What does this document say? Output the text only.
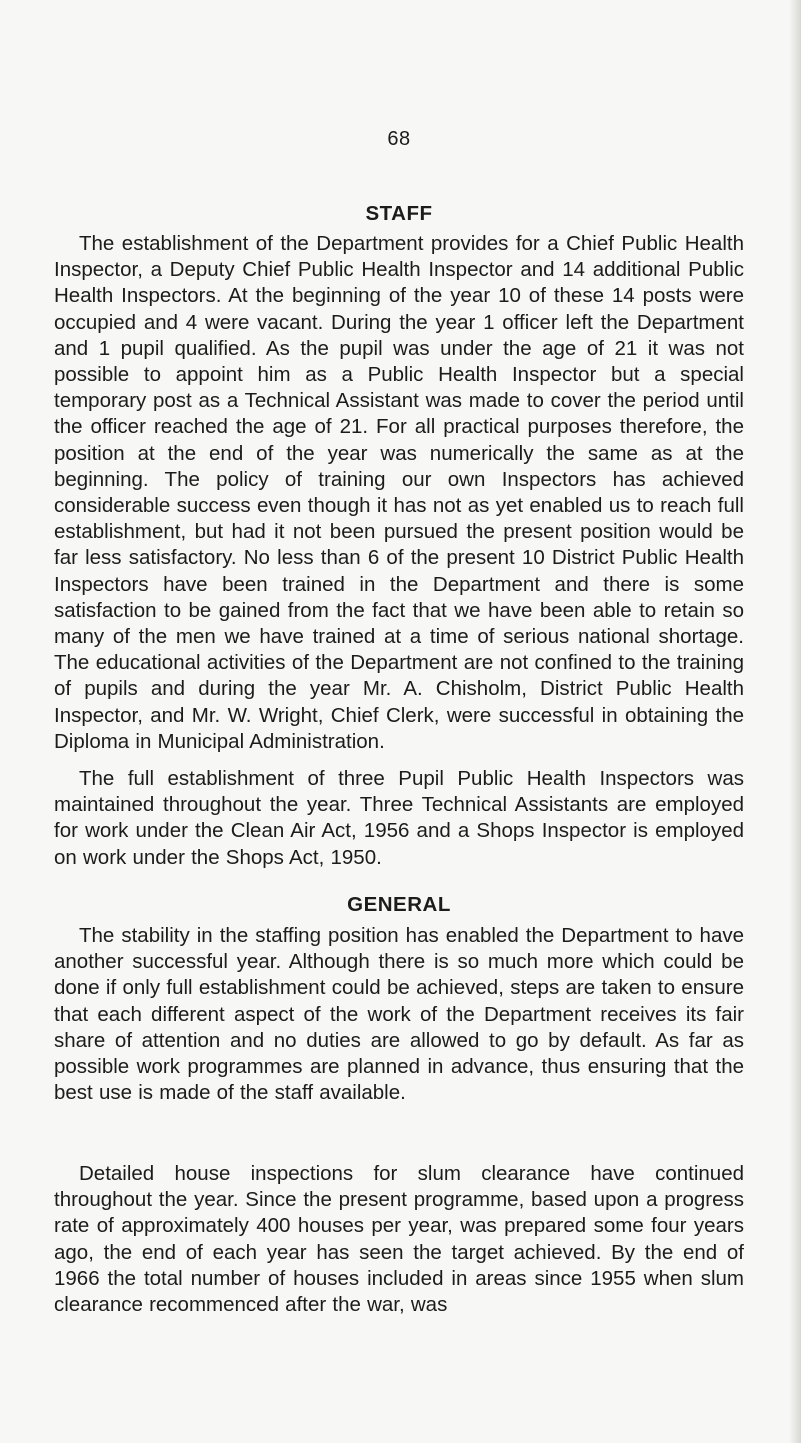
68
STAFF

The establishment of the Department provides for a Chief Public Health Inspector, a Deputy Chief Public Health Inspector and 14 additional Public Health Inspectors. At the beginning of the year 10 of these 14 posts were occupied and 4 were vacant. During the year 1 officer left the Department and 1 pupil qualified. As the pupil was under the age of 21 it was not possible to appoint him as a Public Health Inspector but a special temporary post as a Technical Assistant was made to cover the period until the officer reached the age of 21. For all practical purposes therefore, the position at the end of the year was numerically the same as at the beginning. The policy of training our own Inspectors has achieved considerable success even though it has not as yet enabled us to reach full establishment, but had it not been pursued the present position would be far less satisfactory. No less than 6 of the present 10 District Public Health Inspectors have been trained in the Department and there is some satisfaction to be gained from the fact that we have been able to retain so many of the men we have trained at a time of serious national shortage. The educational activities of the Department are not confined to the training of pupils and during the year Mr. A. Chisholm, District Public Health Inspector, and Mr. W. Wright, Chief Clerk, were successful in obtaining the Diploma in Municipal Administration.

The full establishment of three Pupil Public Health Inspectors was maintained throughout the year. Three Technical Assistants are employed for work under the Clean Air Act, 1956 and a Shops Inspector is employed on work under the Shops Act, 1950.

GENERAL

The stability in the staffing position has enabled the Department to have another successful year. Although there is so much more which could be done if only full establishment could be achieved, steps are taken to ensure that each different aspect of the work of the Department receives its fair share of attention and no duties are allowed to go by default. As far as possible work programmes are planned in advance, thus ensuring that the best use is made of the staff available.

Detailed house inspections for slum clearance have continued throughout the year. Since the present programme, based upon a progress rate of approximately 400 houses per year, was prepared some four years ago, the end of each year has seen the target achieved. By the end of 1966 the total number of houses included in areas since 1955 when slum clearance recommenced after the war, was
